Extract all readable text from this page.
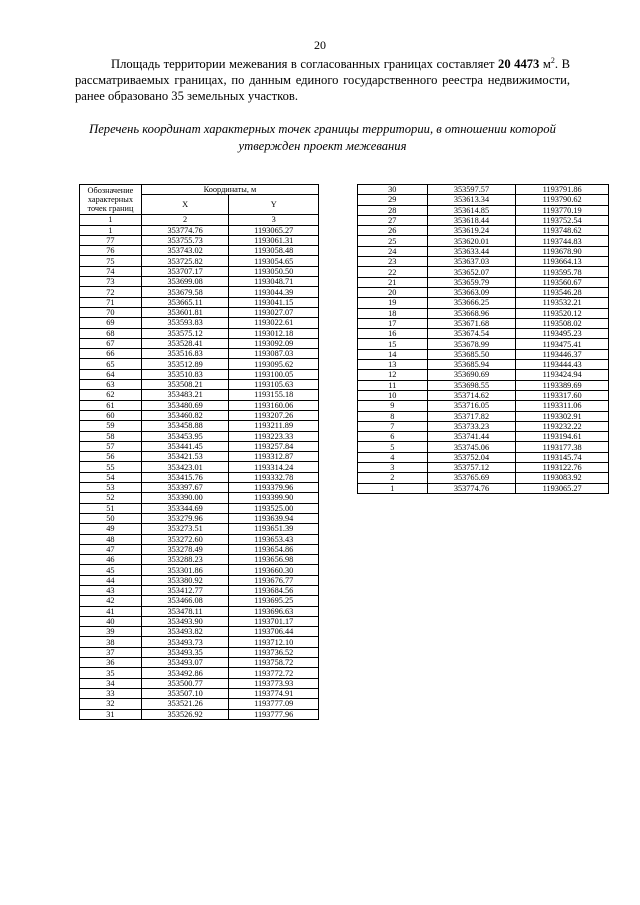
20

Площадь территории межевания в согласованных границах составляет 20 4473 $м^2$. В рассматриваемых границах, по данным единого государственного реестра недвижимости, ранее образовано 35 земельных участков.

Перечень координат характерных точек границы территории, в отношении которой утвержден проект межевания

Обозначение характерных точек границ	Координаты, м	
	X	Y
1	2	3
1	353774.76	1193065.27
77	353755.73	1193061.31
76	353743.02	1193058.48
75	353725.82	1193054.65
74	353707.17	1193050.50
73	353699.08	1193048.71
72	353679.58	1193044.39
71	353665.11	1193041.15
70	353601.81	1193027.07
69	353593.83	1193022.61
68	353575.12	1193012.18
67	353528.41	1193092.09
66	353516.83	1193087.03
65	353512.89	1193095.62
64	353510.83	1193100.05
63	353508.21	1193105.63
62	353483.21	1193155.18
61	353480.69	1193160.06
60	353460.82	1193207.26
59	353458.88	1193211.89
58	353453.95	1193223.33
57	353441.45	1193257.84
56	353421.53	1193312.87
55	353423.01	1193314.24
54	353415.76	1193332.78
53	353397.67	1193379.96
52	353390.00	1193399.90
51	353344.69	1193525.00
50	353279.96	1193639.94
49	353273.51	1193651.39
48	353272.60	1193653.43
47	353278.49	1193654.86
46	353288.23	1193656.98
45	353301.86	1193660.30
44	353380.92	1193676.77
43	353412.77	1193684.56
42	353466.08	1193695.25
41	353478.11	1193696.63
40	353493.90	1193701.17
39	353493.82	1193706.44
38	353493.73	1193712.10
37	353493.35	1193736.52
36	353493.07	1193758.72
35	353492.86	1193772.72
34	353500.77	1193773.93
33	353507.10	1193774.91
32	353521.26	1193777.09
31	353526.92	1193777.96
30	353597.57	1193791.86
29	353613.34	1193790.62
28	353614.85	1193770.19
27	353618.44	1193752.54
26	353619.24	1193748.62
25	353620.01	1193744.83
24	353633.44	1193678.90
23	353637.03	1193664.13
22	353652.07	1193595.78
21	353659.79	1193560.67
20	353663.09	1193546.28
19	353666.25	1193532.21
18	353668.96	1193520.12
17	353671.68	1193508.02
16	353674.54	1193495.23
15	353678.99	1193475.41
14	353685.50	1193446.37
13	353685.94	1193444.43
12	353690.69	1193424.94
11	353698.55	1193389.69
10	353714.62	1193317.60
9	353716.05	1193311.06
8	353717.82	1193302.91
7	353733.23	1193232.22
6	353741.44	1193194.61
5	353745.06	1193177.38
4	353752.04	1193145.74
3	353757.12	1193122.76
2	353765.69	1193083.92
1	353774.76	1193065.27
